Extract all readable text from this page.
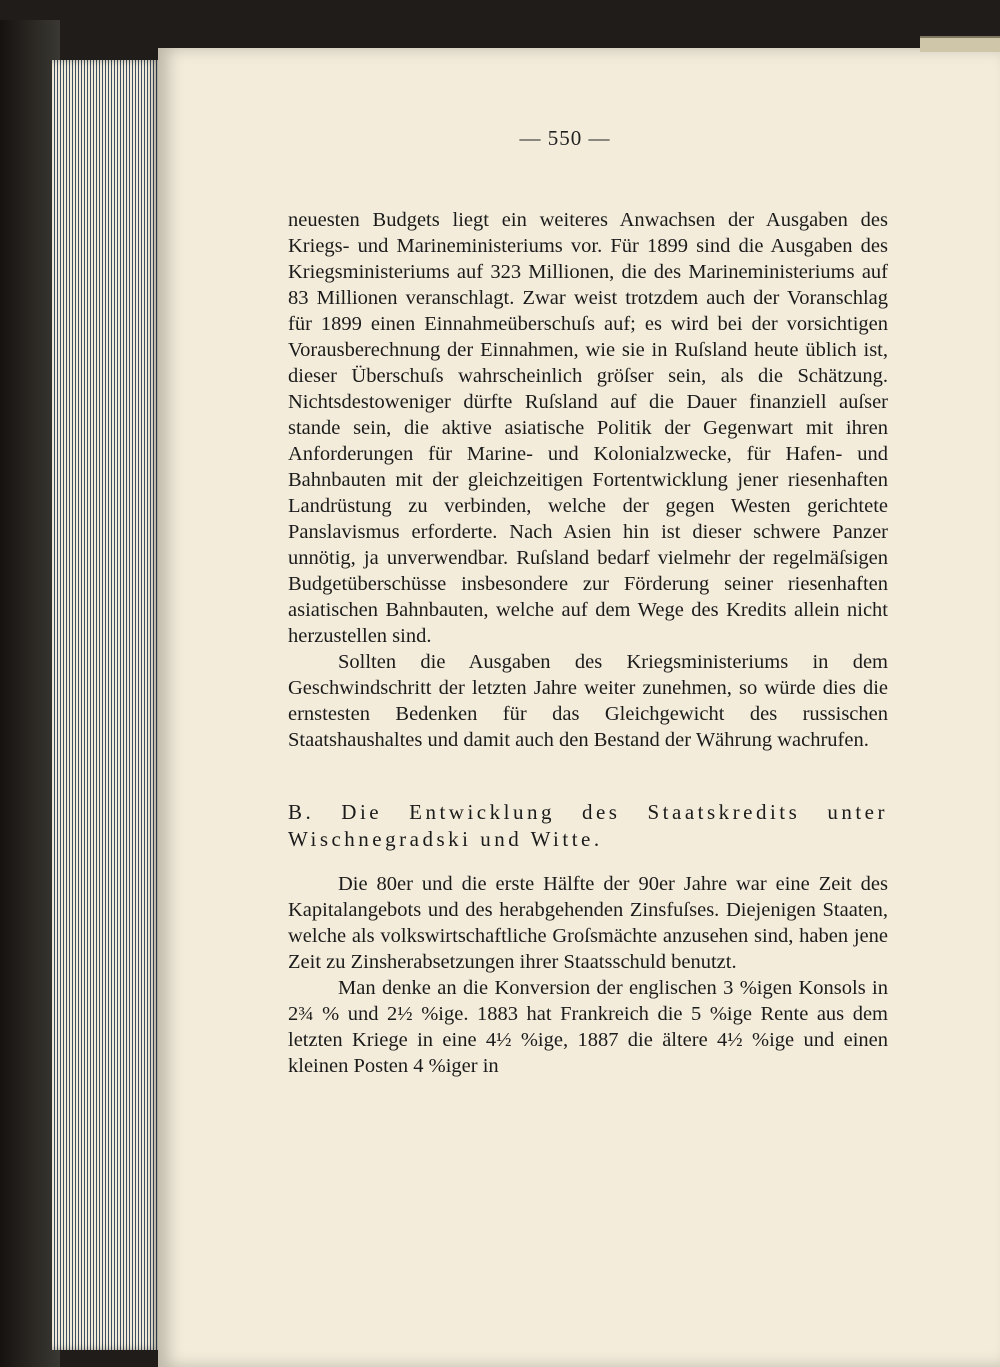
— 550 —

neuesten Budgets liegt ein weiteres Anwachsen der Ausgaben des Kriegs- und Marineministeriums vor. Für 1899 sind die Ausgaben des Kriegsministeriums auf 323 Millionen, die des Marineministeriums auf 83 Millionen veranschlagt. Zwar weist trotzdem auch der Voranschlag für 1899 einen Einnahmeüberschuſs auf; es wird bei der vorsichtigen Vorausberechnung der Einnahmen, wie sie in Ruſsland heute üblich ist, dieser Überschuſs wahrscheinlich gröſser sein, als die Schätzung. Nichtsdestoweniger dürfte Ruſsland auf die Dauer finanziell auſser stande sein, die aktive asiatische Politik der Gegenwart mit ihren Anforderungen für Marine- und Kolonialzwecke, für Hafen- und Bahnbauten mit der gleichzeitigen Fortentwicklung jener riesenhaften Landrüstung zu verbinden, welche der gegen Westen gerichtete Panslavismus erforderte. Nach Asien hin ist dieser schwere Panzer unnötig, ja unverwendbar. Ruſsland bedarf vielmehr der regelmäſsigen Budgetüberschüsse insbesondere zur Förderung seiner riesenhaften asiatischen Bahnbauten, welche auf dem Wege des Kredits allein nicht herzustellen sind.

Sollten die Ausgaben des Kriegsministeriums in dem Geschwindschritt der letzten Jahre weiter zunehmen, so würde dies die ernstesten Bedenken für das Gleichgewicht des russischen Staatshaushaltes und damit auch den Bestand der Währung wachrufen.

B. Die Entwicklung des Staatskredits unter Wischnegradski und Witte.

Die 80er und die erste Hälfte der 90er Jahre war eine Zeit des Kapitalangebots und des herabgehenden Zinsfuſses. Diejenigen Staaten, welche als volkswirtschaftliche Groſsmächte anzusehen sind, haben jene Zeit zu Zinsherabsetzungen ihrer Staatsschuld benutzt.

Man denke an die Konversion der englischen 3 %igen Konsols in 2¾ % und 2½ %ige. 1883 hat Frankreich die 5 %ige Rente aus dem letzten Kriege in eine 4½ %ige, 1887 die ältere 4½ %ige und einen kleinen Posten 4 %iger in
